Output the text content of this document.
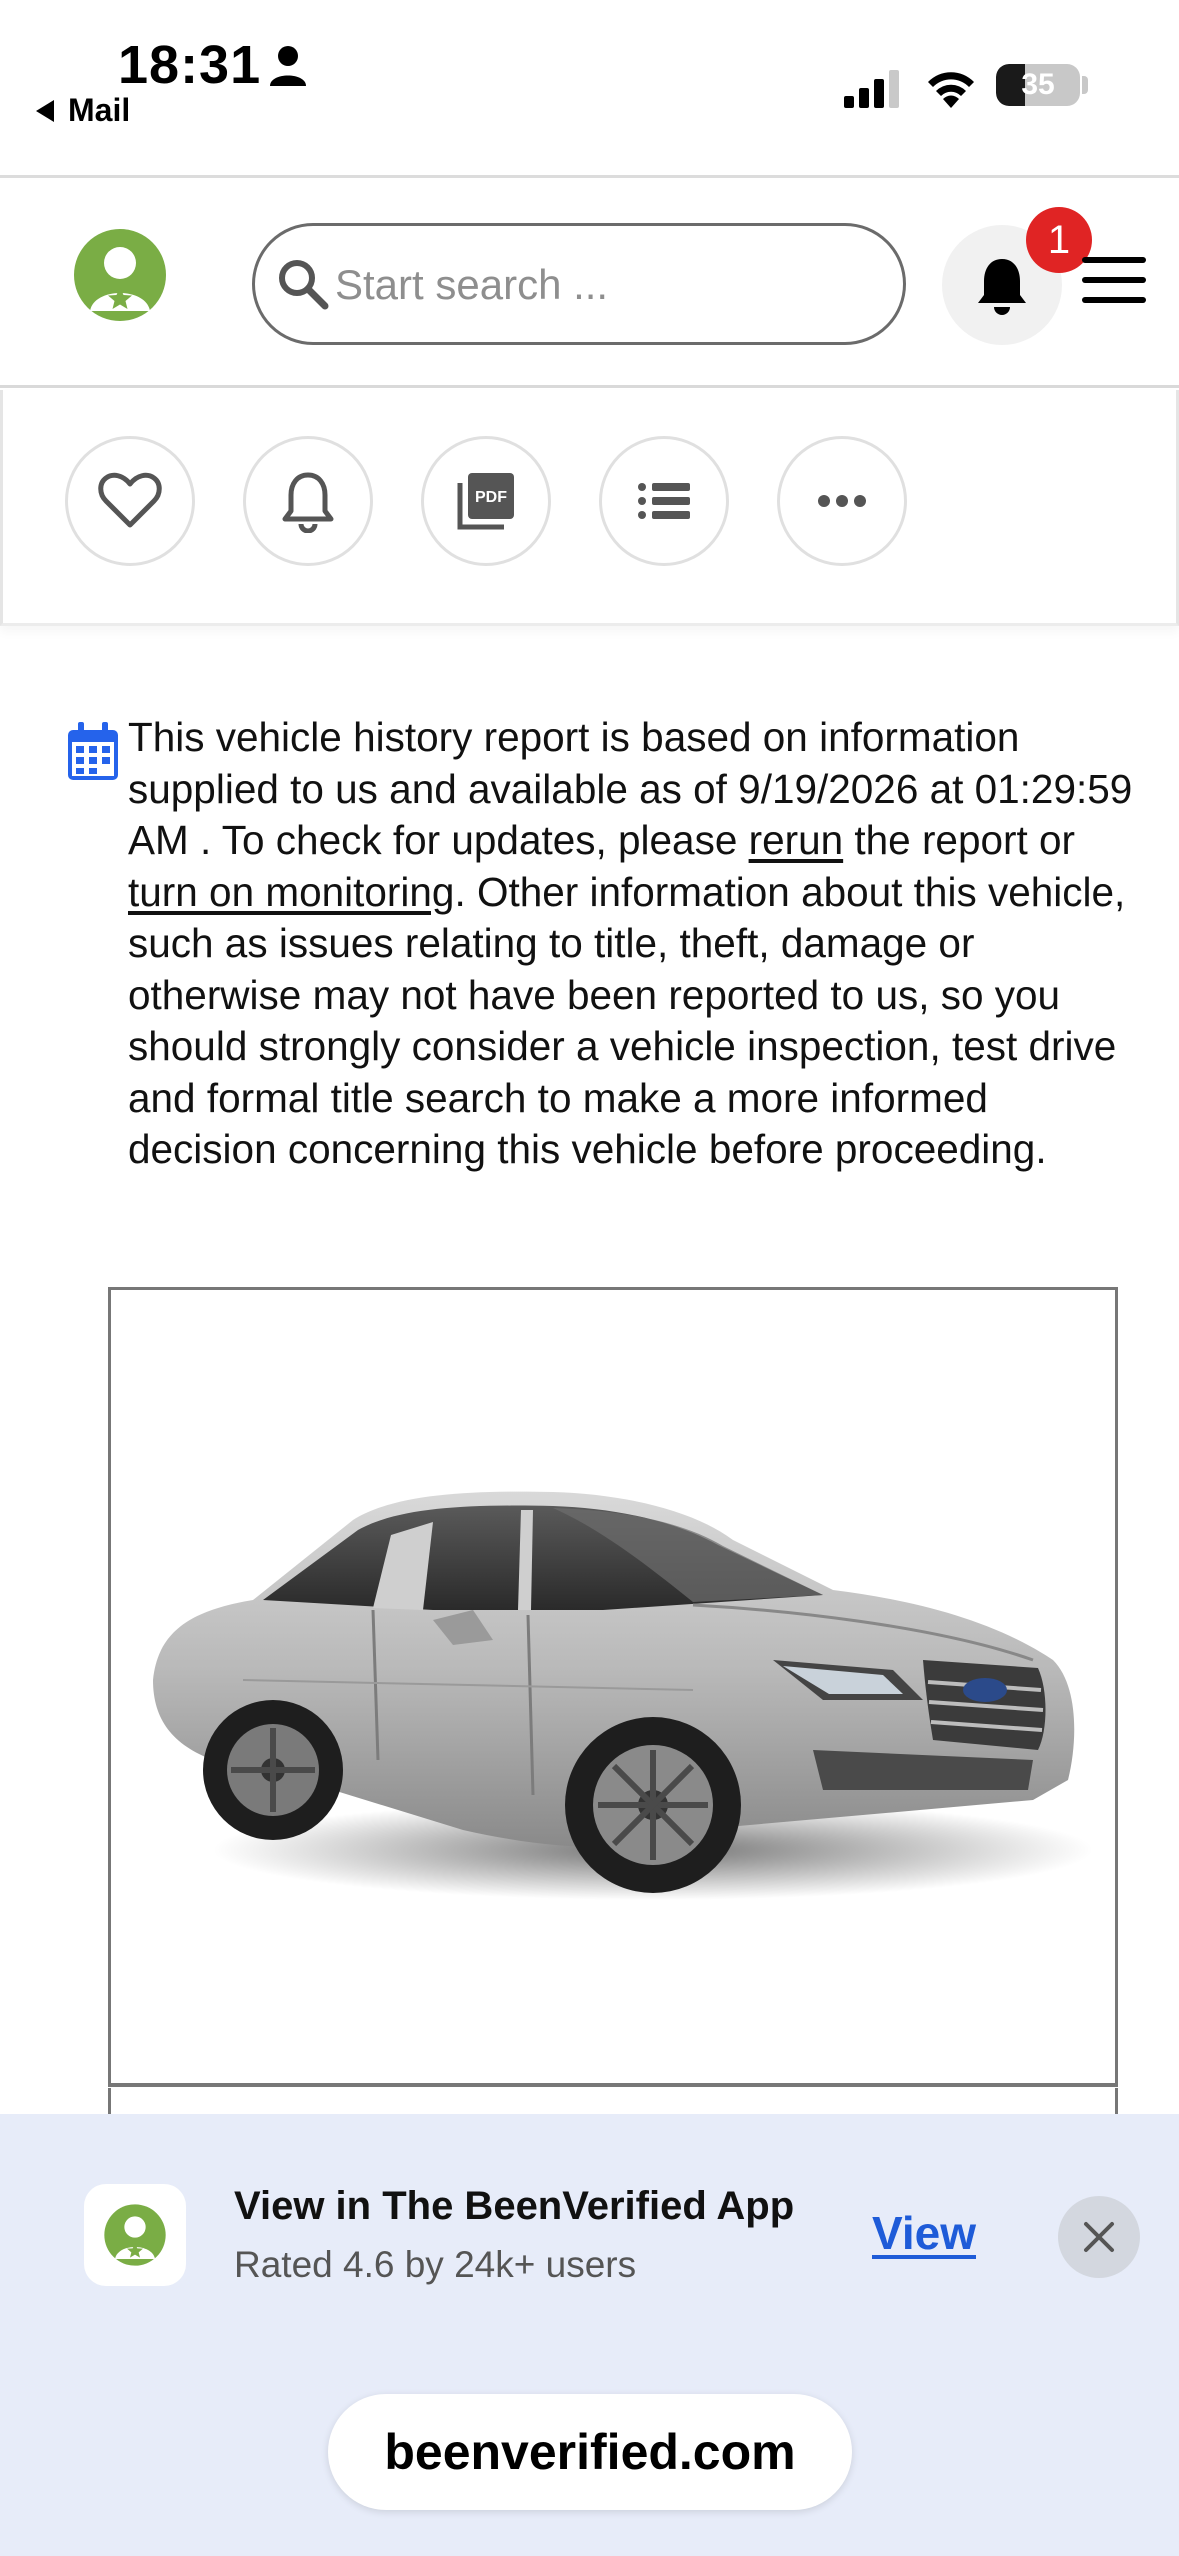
18:31
Mail
35
Start search ...
1
PDF

This vehicle history report is based on information supplied to us and available as of 9/19/2026 at 01:29:59 AM . To check for updates, please rerun the report or turn on monitoring. Other information about this vehicle, such as issues relating to title, theft, damage or otherwise may not have been reported to us, so you should strongly consider a vehicle inspection, test drive and formal title search to make a more informed decision concerning this vehicle before proceeding.

View in The BeenVerified App
Rated 4.6 by 24k+ users
View
beenverified.com
